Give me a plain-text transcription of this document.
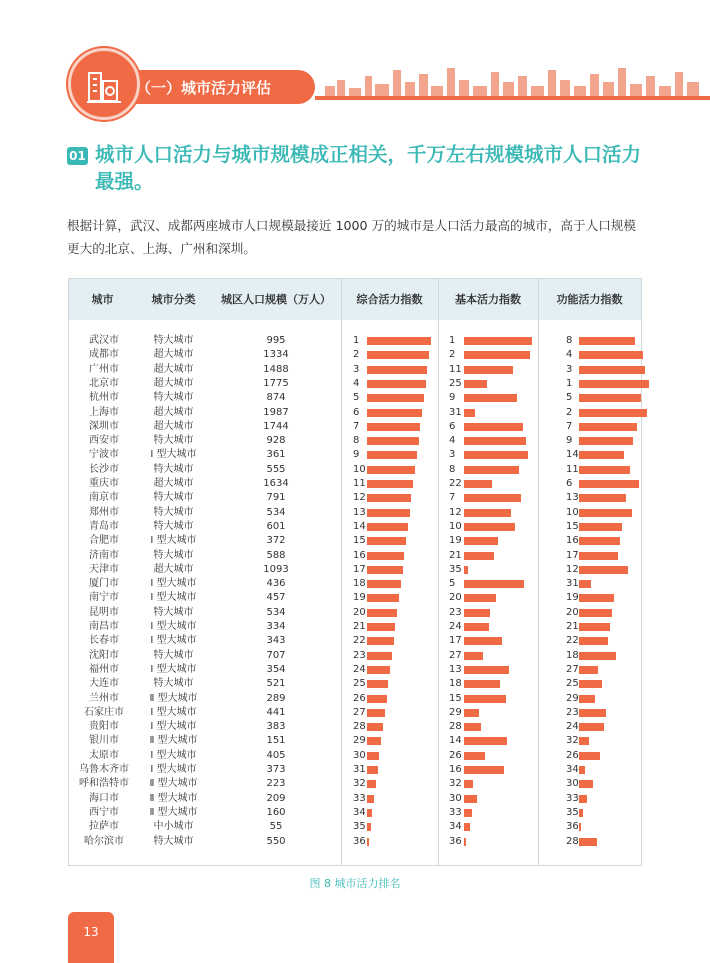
（一）城市活力评估
01 城市人口活力与城市规模成正相关，千万左右规模城市人口活力最强。
根据计算，武汉、成都两座城市人口规模最接近 1000 万的城市是人口活力最高的城市，高于人口规模更大的北京、上海、广州和深圳。
城市	城市分类	城区人口规模（万人）	综合活力指数	基本活力指数	功能活力指数
武汉市	特大城市	995	1	1	8
成都市	超大城市	1334	2	2	4
广州市	超大城市	1488	3	11	3
北京市	超大城市	1775	4	25	1
杭州市	特大城市	874	5	9	5
上海市	超大城市	1987	6	31	2
深圳市	超大城市	1744	7	6	7
西安市	特大城市	928	8	4	9
宁波市	Ⅰ 型大城市	361	9	3	14
长沙市	特大城市	555	10	8	11
重庆市	超大城市	1634	11	22	6
南京市	特大城市	791	12	7	13
郑州市	特大城市	534	13	12	10
青岛市	特大城市	601	14	10	15
合肥市	Ⅰ 型大城市	372	15	19	16
济南市	特大城市	588	16	21	17
天津市	超大城市	1093	17	35	12
厦门市	Ⅰ 型大城市	436	18	5	31
南宁市	Ⅰ 型大城市	457	19	20	19
昆明市	特大城市	534	20	23	20
南昌市	Ⅰ 型大城市	334	21	24	21
长春市	Ⅰ 型大城市	343	22	17	22
沈阳市	特大城市	707	23	27	18
福州市	Ⅰ 型大城市	354	24	13	27
大连市	特大城市	521	25	18	25
兰州市	Ⅱ 型大城市	289	26	15	29
石家庄市	Ⅰ 型大城市	441	27	29	23
贵阳市	Ⅰ 型大城市	383	28	28	24
银川市	Ⅱ 型大城市	151	29	14	32
太原市	Ⅰ 型大城市	405	30	26	26
乌鲁木齐市	Ⅰ 型大城市	373	31	16	34
呼和浩特市	Ⅱ 型大城市	223	32	32	30
海口市	Ⅱ 型大城市	209	33	30	33
西宁市	Ⅱ 型大城市	160	34	33	35
拉萨市	中小城市	55	35	34	36
哈尔滨市	特大城市	550	36	36	28
图 8 城市活力排名
13
